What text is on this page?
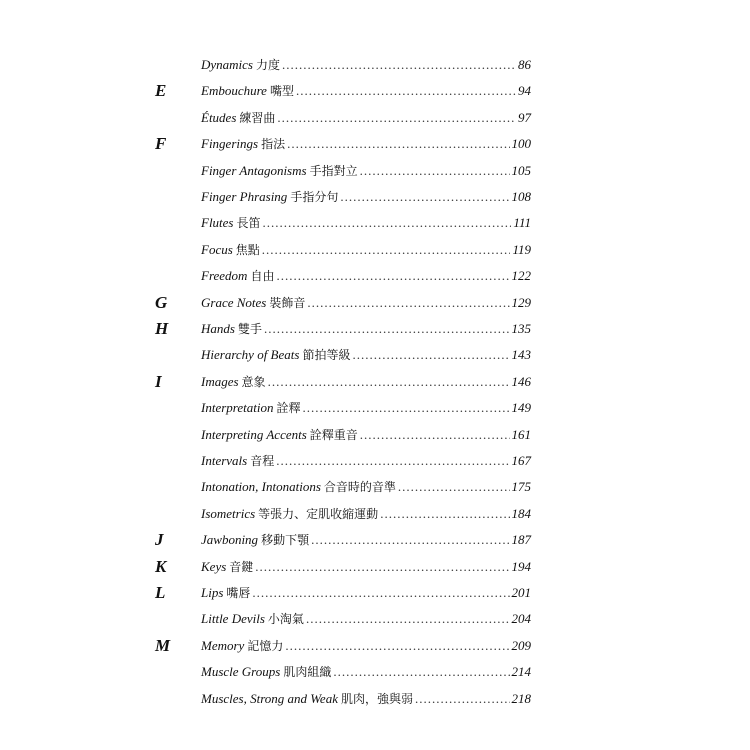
Dynamics 力度 .....	86
E	Embouchure 嘴型 .....	94
Études 練習曲 .....	97
F	Fingerings 指法 .....	100
Finger Antagonisms 手指對立 .....	105
Finger Phrasing 手指分句 .....	108
Flutes 長笛 .....	111
Focus 焦點 .....	119
Freedom 自由 .....	122
G	Grace Notes 裝飾音 .....	129
H	Hands 雙手 .....	135
Hierarchy of Beats 節拍等級 .....	143
I	Images 意象 .....	146
Interpretation 詮釋 .....	149
Interpreting Accents 詮釋重音 .....	161
Intervals 音程 .....	167
Intonation, Intonations 合音時的音準 .....	175
Isometrics 等張力、定肌收縮運動 .....	184
J	Jawboning 移動下顎 .....	187
K	Keys 音鍵 .....	194
L	Lips 嘴唇 .....	201
Little Devils 小淘氣 .....	204
M	Memory 記憶力 .....	209
Muscle Groups 肌肉組織 .....	214
Muscles, Strong and Weak 肌肉，強與弱 .....	218
